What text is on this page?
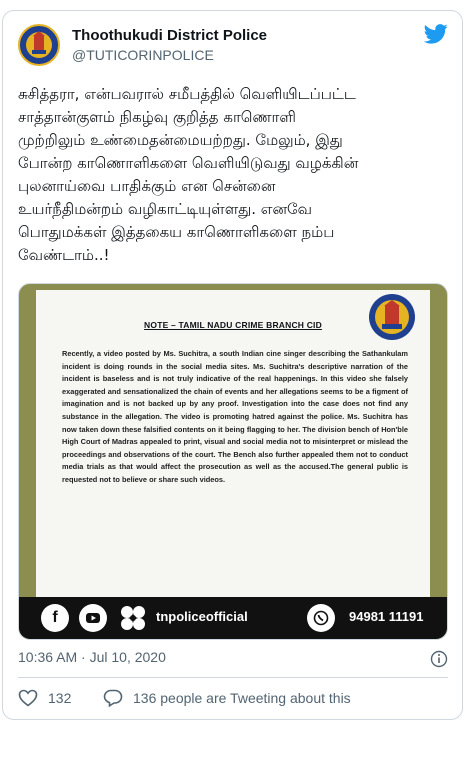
Thoothukudi District Police
@TUTICORINPOLICE
சுசித்தரா, என்பவரால் சமீபத்தில் வெளியிடப்பட்ட
சாத்தான்குளம் நிகழ்வு குறித்த காணொளி
முற்றிலும் உண்மைதன்மையற்றது. மேலும், இது
போன்ற காணொளிகளை வெளியிடுவது வழக்கின்
புலனாய்வை பாதிக்கும் என சென்னை
உயர்நீதிமன்றம் வழிகாட்டியுள்ளது. எனவே
பொதுமக்கள் இத்தகைய காணொளிகளை நம்ப
வேண்டாம்..!
NOTE – TAMIL NADU CRIME BRANCH CID
Recently, a video posted by Ms. Suchitra, a south Indian cine singer describing the Sathankulam incident is doing rounds in the social media sites. Ms. Suchitra's descriptive narration of the incident is baseless and is not truly indicative of the real happenings. In this video she falsely exaggerated and sensationalized the chain of events and her allegations seems to be a figment of imagination and is not backed up by any proof. Investigation into the case does not find any substance in the allegation. The video is promoting hatred against the police. Ms. Suchitra has now taken down these falsified contents on it being flagging to her. The division bench of Hon'ble High Court of Madras appealed to print, visual and social media not to misinterpret or mislead the proceedings and observations of the court. The Bench also further appealed them not to conduct media trials as that would affect the prosecution as well as the accused.The general public is requested not to believe or share such videos.
f	tnpoliceofficial	94981 11191
10:36 AM · Jul 10, 2020
132	136 people are Tweeting about this
